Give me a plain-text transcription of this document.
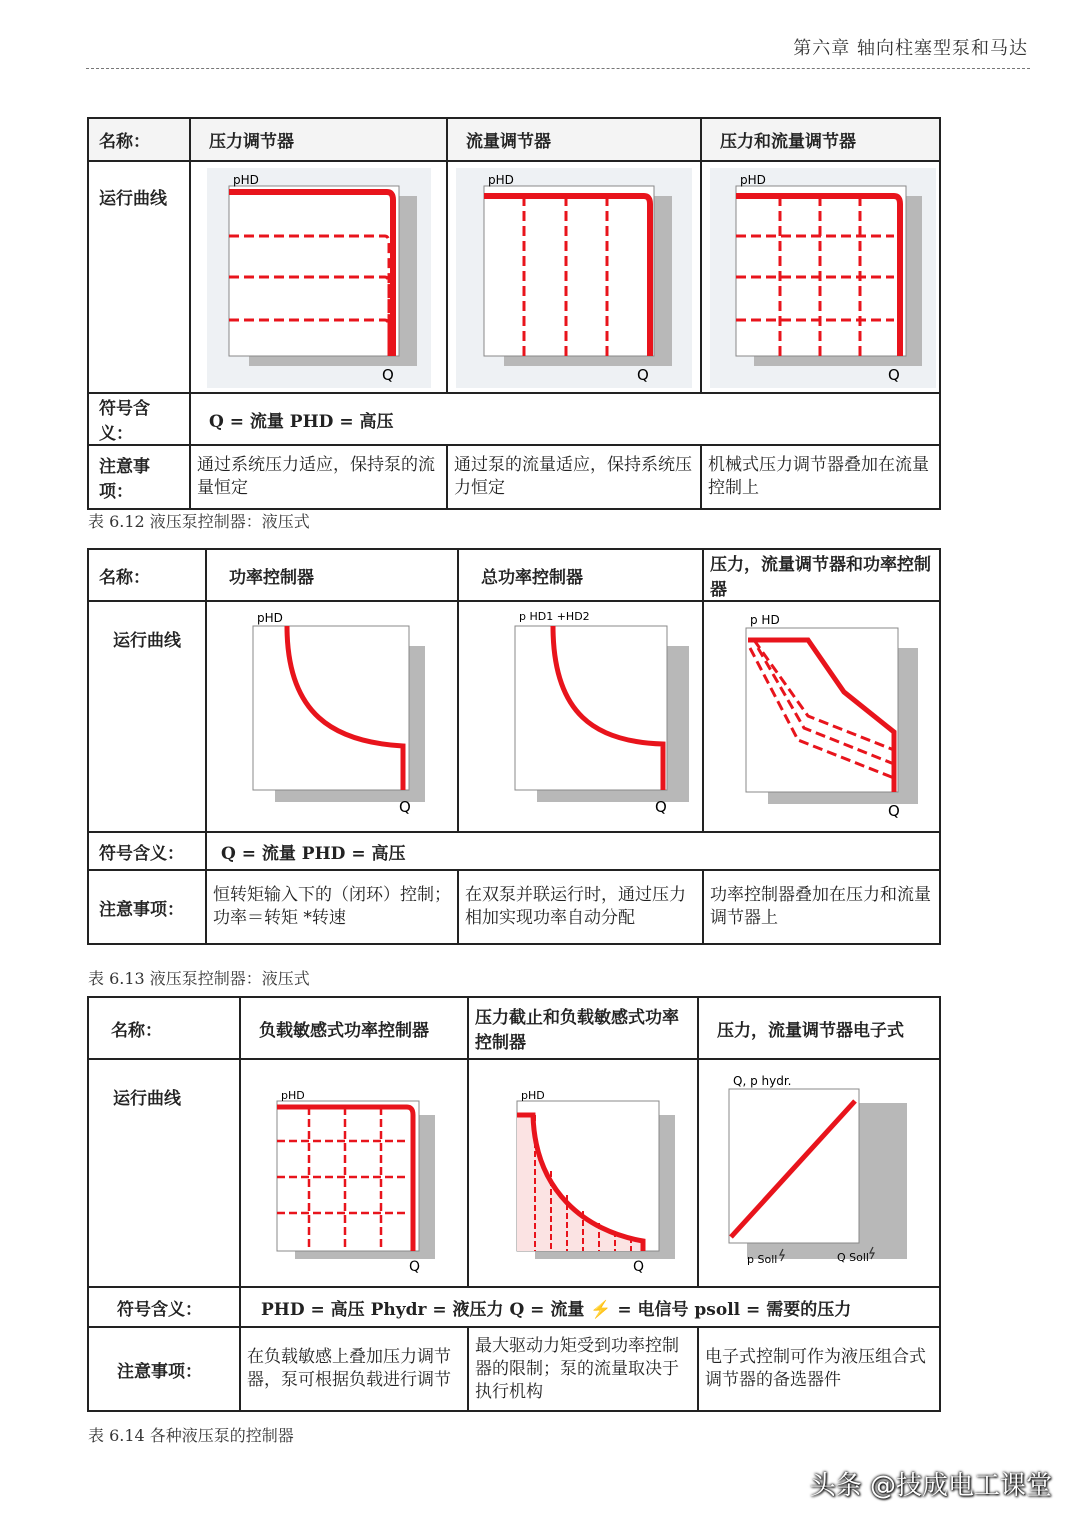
第六章 轴向柱塞型泵和马达
名称：	压力调节器	流量调节器	压力和流量调节器
运行曲线	pHD
Q	pHD
Q	pHD
Q

符号含义：	Q = 流量 PHD = 高压		
注意事项：	通过系统压力适应，保持泵的流量恒定	通过泵的流量适应，保持系统压力恒定	机械式压力调节器叠加在流量控制上
表 6.12 液压泵控制器：液压式
名称：	功率控制器	总功率控制器	压力，流量调节器和功率控制器
运行曲线	pHD
Q	p HD1 +HD2
Q	p HD
Q

符号含义：	Q = 流量 PHD = 高压		
注意事项：	恒转矩输入下的（闭环）控制；功率＝转矩 *转速	在双泵并联运行时，通过压力相加实现功率自动分配	功率控制器叠加在压力和流量调节器上
表 6.13 液压泵控制器：液压式
名称：	负载敏感式功率控制器	压力截止和负载敏感式功率控制器	压力，流量调节器电子式
运行曲线	pHD
Q	pHD
Q	Q, p hydr.
p Soll Q Soll

符号含义：	PHD = 高压 Phydr = 液压力 Q = 流量 ⚡ = 电信号 psoll = 需要的压力		
注意事项：	在负载敏感上叠加压力调节器，泵可根据负载进行调节	最大驱动力矩受到功率控制器的限制；泵的流量取决于执行机构	电子式控制可作为液压组合式调节器的备选器件
表 6.14 各种液压泵的控制器
头条 @技成电工课堂
